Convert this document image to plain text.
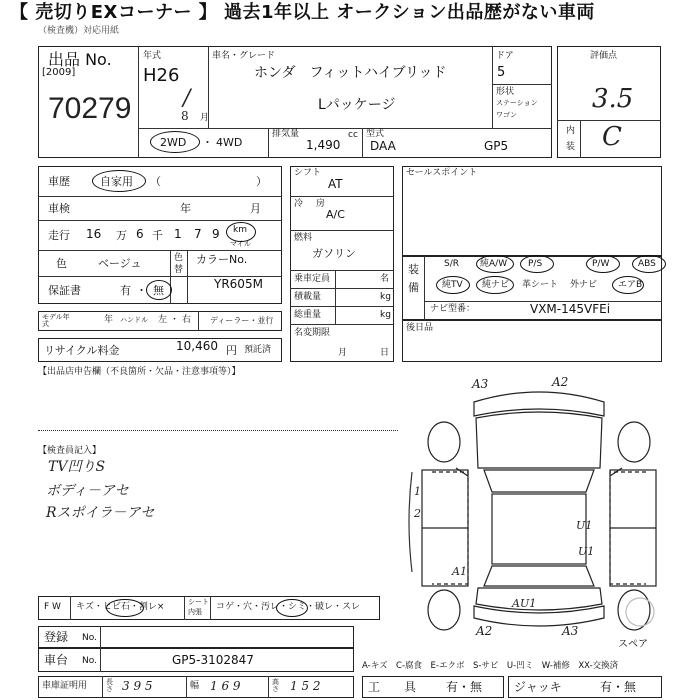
【 売切りEXコーナー 】 過去1年以上 オークション出品歴がない車両
（検査機）対応用紙
出品 No.
[2009]
70279
年式
H26
/
8 月
車名・グレード
ホンダ　フィットハイブリッド
Lパッケージ
ドア
5
形状
ステーション
ワゴン
2WD ・ 4WD
排気量
1,490
cc 型式
DAA	GP5
評価点
3.5
内
装 C
車歴	自家用 （	）
車検	年	月
走行 16 万 6 千 1 7 9 km
マイル
色	ベージュ	色
替
保証書	有 ・ 無
カラーNo.
YR605M
モデル年式	年 ハンドル 左 ・ 右 ディーラー・並行
リサイクル料金	10,460 円 預託済
シフト
AT
冷 房
A/C
燃料
ガソリン
乗車定員	名
積載量	kg
総重量	kg
名変期限
月	日
セールスポイント
装
備
S/R 純A/W P/S	P/W	ABS
純TV 純ナビ 革シート 外ナビ エアB
ナビ型番：	VXM-145VFEi
後日品
【出品店申告欄（不良箇所・欠品・注意事項等）】
【検査員記入】
TV凹りS
ボディ－アセ
Rスポイラ－アセ
A3	A2
A1
U1
U1
AU1
A2	A3
1
2
スペア
F W キズ・ヒビ石・割レ×	シート
内張 コゲ・穴・汚レ・シミ・破レ・スレ
登録 No.
車台 No.	GP5-3102847	A-キズ　C-腐食　E-エクボ　S-サビ　U-凹ミ　W-補修　XX-交換済
車庫証明用	長さ 3 9 5	幅 1 6 9	高さ 1 5 2	工　　具 有・無	ジャッキ	有・無
